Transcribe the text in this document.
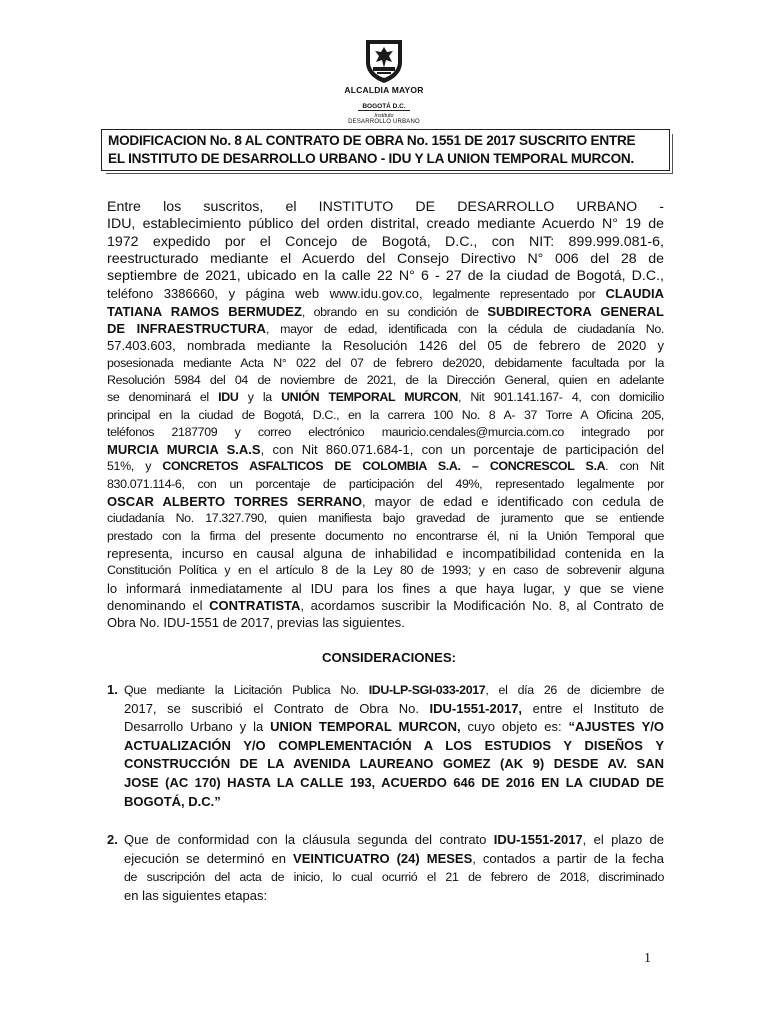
ALCALDIA MAYOR
BOGOTÁ D.C.
Instituto
DESARROLLO URBANO
MODIFICACION No. 8 AL CONTRATO DE OBRA No. 1551 DE 2017 SUSCRITO ENTRE
EL INSTITUTO DE DESARROLLO URBANO - IDU Y LA UNION TEMPORAL MURCON.
Entre los suscritos, el INSTITUTO DE DESARROLLO URBANO -
IDU, establecimiento público del orden distrital, creado mediante Acuerdo N° 19 de
1972 expedido por el Concejo de Bogotá, D.C., con NIT: 899.999.081-6,
reestructurado mediante el Acuerdo del Consejo Directivo N° 006 del 28 de
septiembre de 2021, ubicado en la calle 22 N° 6 - 27 de la ciudad de Bogotá, D.C.,
teléfono 3386660, y página web www.idu.gov.co, legalmente representado por CLAUDIA
TATIANA RAMOS BERMUDEZ, obrando en su condición de SUBDIRECTORA GENERAL
DE INFRAESTRUCTURA, mayor de edad, identificada con la cédula de ciudadanía No.
57.403.603, nombrada mediante la Resolución 1426 del 05 de febrero de 2020 y
posesionada mediante Acta N° 022 del 07 de febrero de2020, debidamente facultada por la
Resolución 5984 del 04 de noviembre de 2021, de la Dirección General, quien en adelante
se denominará el IDU y la UNIÓN TEMPORAL MURCON, Nit 901.141.167- 4, con domicilio
principal en la ciudad de Bogotá, D.C., en la carrera 100 No. 8 A- 37 Torre A Oficina 205,
teléfonos 2187709 y correo electrónico mauricio.cendales@murcia.com.co integrado por
MURCIA MURCIA S.A.S, con Nit 860.071.684-1, con un porcentaje de participación del
51%, y CONCRETOS ASFALTICOS DE COLOMBIA S.A. – CONCRESCOL S.A. con Nit
830.071.114-6, con un porcentaje de participación del 49%, representado legalmente por
OSCAR ALBERTO TORRES SERRANO, mayor de edad e identificado con cedula de
ciudadanía No. 17.327.790, quien manifiesta bajo gravedad de juramento que se entiende
prestado con la firma del presente documento no encontrarse él, ni la Unión Temporal que
representa, incurso en causal alguna de inhabilidad e incompatibilidad contenida en la
Constitución Política y en el artículo 8 de la Ley 80 de 1993; y en caso de sobrevenir alguna
lo informará inmediatamente al IDU para los fines a que haya lugar, y que se viene
denominando el CONTRATISTA, acordamos suscribir la Modificación No. 8, al Contrato de
Obra No. IDU-1551 de 2017, previas las siguientes.
CONSIDERACIONES:
1. Que mediante la Licitación Publica No. IDU-LP-SGI-033-2017, el día 26 de diciembre de
2017, se suscribió el Contrato de Obra No. IDU-1551-2017, entre el Instituto de
Desarrollo Urbano y la UNION TEMPORAL MURCON, cuyo objeto es: “AJUSTES Y/O
ACTUALIZACIÓN Y/O COMPLEMENTACIÓN A LOS ESTUDIOS Y DISEÑOS Y
CONSTRUCCIÓN DE LA AVENIDA LAUREANO GOMEZ (AK 9) DESDE AV. SAN
JOSE (AC 170) HASTA LA CALLE 193, ACUERDO 646 DE 2016 EN LA CIUDAD DE
BOGOTÁ, D.C.”
2. Que de conformidad con la cláusula segunda del contrato IDU-1551-2017, el plazo de
ejecución se determinó en VEINTICUATRO (24) MESES, contados a partir de la fecha
de suscripción del acta de inicio, lo cual ocurrió el 21 de febrero de 2018, discriminado
en las siguientes etapas:
1
